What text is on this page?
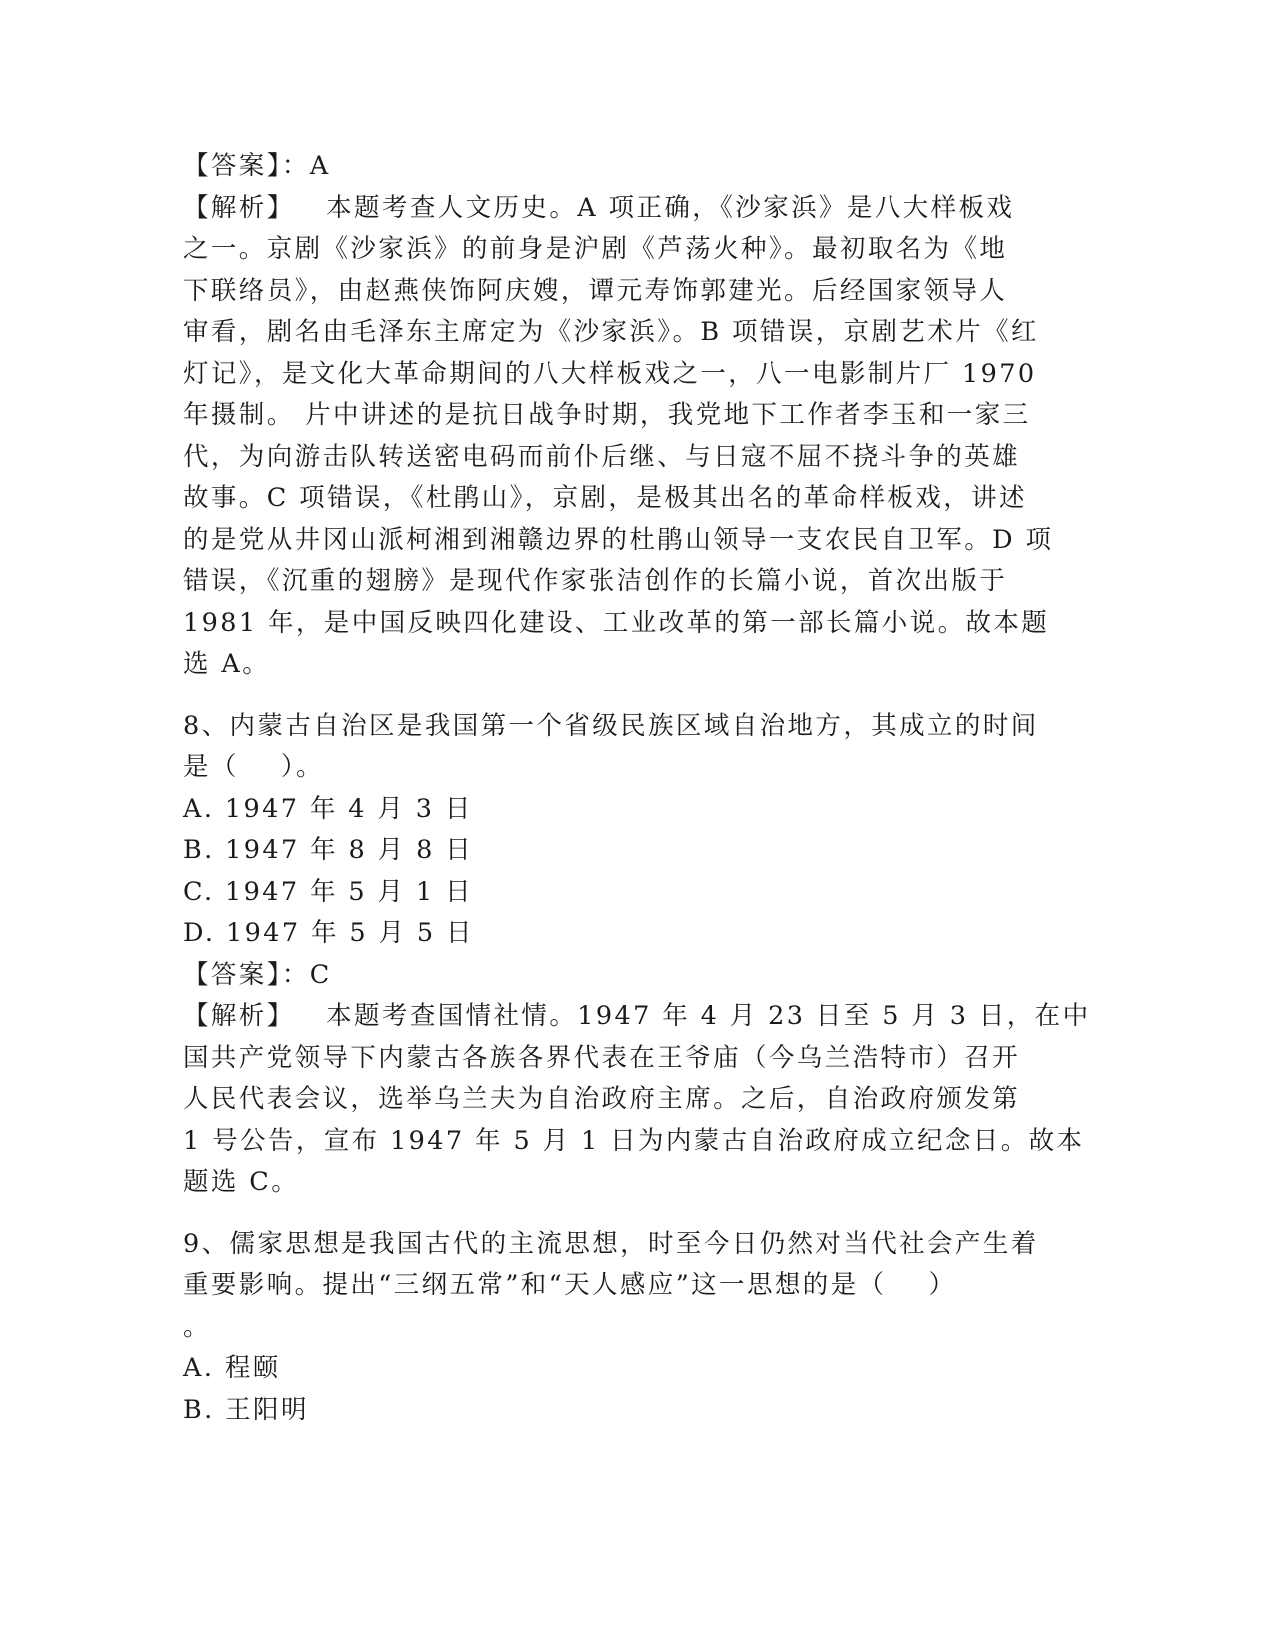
【答案】：A
【解析】   本题考查人文历史。A 项正确，《沙家浜》是八大样板戏
之一。京剧《沙家浜》的前身是沪剧《芦荡火种》。最初取名为《地
下联络员》，由赵燕侠饰阿庆嫂，谭元寿饰郭建光。后经国家领导人
审看，剧名由毛泽东主席定为《沙家浜》。B 项错误，京剧艺术片《红
灯记》，是文化大革命期间的八大样板戏之一，八一电影制片厂 1970
年摄制。 片中讲述的是抗日战争时期，我党地下工作者李玉和一家三
代，为向游击队转送密电码而前仆后继、与日寇不屈不挠斗争的英雄
故事。C 项错误，《杜鹃山》，京剧，是极其出名的革命样板戏，讲述
的是党从井冈山派柯湘到湘赣边界的杜鹃山领导一支农民自卫军。D 项
错误，《沉重的翅膀》是现代作家张洁创作的长篇小说，首次出版于
1981 年，是中国反映四化建设、工业改革的第一部长篇小说。故本题
选 A。
8、内蒙古自治区是我国第一个省级民族区域自治地方，其成立的时间
是（    ）。
A. 1947 年 4 月 3 日
B. 1947 年 8 月 8 日
C. 1947 年 5 月 1 日
D. 1947 年 5 月 5 日
【答案】：C
【解析】   本题考查国情社情。1947 年 4 月 23 日至 5 月 3 日，在中
国共产党领导下内蒙古各族各界代表在王爷庙（今乌兰浩特市）召开
人民代表会议，选举乌兰夫为自治政府主席。之后，自治政府颁发第
1 号公告，宣布 1947 年 5 月 1 日为内蒙古自治政府成立纪念日。故本
题选 C。
9、儒家思想是我国古代的主流思想，时至今日仍然对当代社会产生着
重要影响。提出“三纲五常”和“天人感应”这一思想的是（    ）
。
A. 程颐
B. 王阳明
